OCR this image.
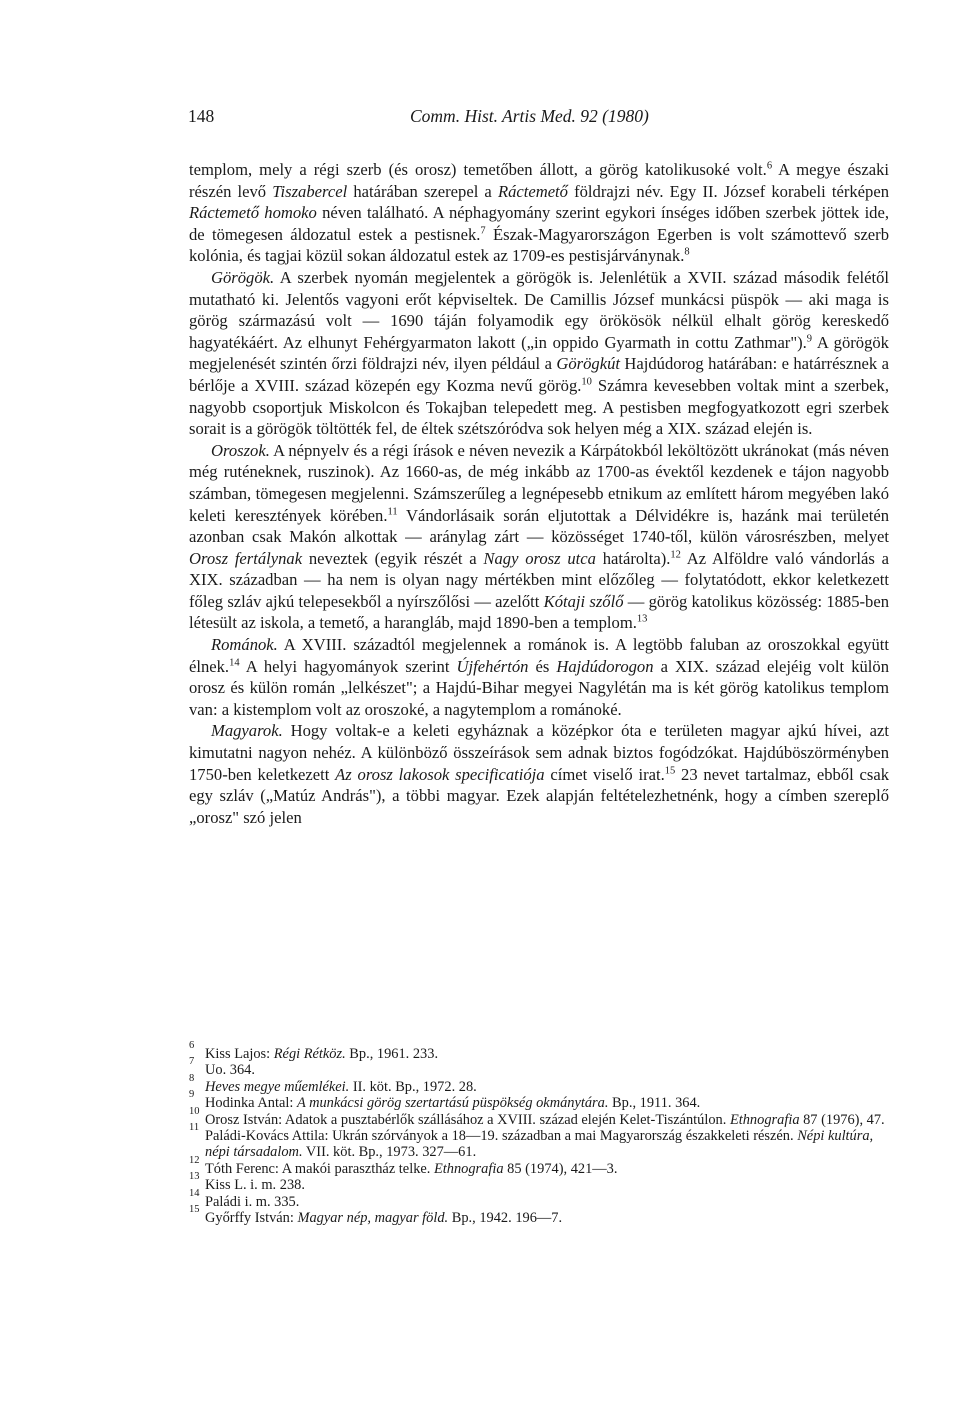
148	Comm. Hist. Artis Med. 92 (1980)

templom, mely a régi szerb (és orosz) temetőben állott, a görög katolikusoké volt.$^6$ A megye északi részén levő Tiszabercel határában szerepel a Ráctemető földrajzi név. Egy II. József korabeli térképen Ráctemető homoko néven található. A néphagyomány szerint egykori ínséges időben szerbek jöttek ide, de tömegesen áldozatul estek a pestisnek.$^7$ Észak-Magyarországon Egerben is volt számottevő szerb kolónia, és tagjai közül sokan áldozatul estek az 1709-es pestisjárványnak.$^8$

Görögök. A szerbek nyomán megjelentek a görögök is. Jelenlétük a XVII. század második felétől mutatható ki. Jelentős vagyoni erőt képviseltek. De Camillis József munkácsi püspök — aki maga is görög származású volt — 1690 táján folyamodik egy örökösök nélkül elhalt görög kereskedő hagyatékáért. Az elhunyt Fehérgyarmaton lakott („in oppido Gyarmath in cottu Zathmar").$^9$ A görögök megjelenését szintén őrzi földrajzi név, ilyen például a Görögkút Hajdúdorog határában: e határrésznek a bérlője a XVIII. század közepén egy Kozma nevű görög.$^{10}$ Számra kevesebben voltak mint a szerbek, nagyobb csoportjuk Miskolcon és Tokajban telepedett meg. A pestisben megfogyatkozott egri szerbek sorait is a görögök töltötték fel, de éltek szétszóródva sok helyen még a XIX. század elején is.

Oroszok. A népnyelv és a régi írások e néven nevezik a Kárpátokból leköltözött ukránokat (más néven még ruténeknek, ruszinok). Az 1660-as, de még inkább az 1700-as évektől kezdenek e tájon nagyobb számban, tömegesen megjelenni. Számszerűleg a legnépesebb etnikum az említett három megyében lakó keleti keresztények körében.$^{11}$ Vándorlásaik során eljutottak a Délvidékre is, hazánk mai területén azonban csak Makón alkottak — aránylag zárt — közösséget 1740-től, külön városrészben, melyet Orosz fertálynak neveztek (egyik részét a Nagy orosz utca határolta).$^{12}$ Az Alföldre való vándorlás a XIX. században — ha nem is olyan nagy mértékben mint előzőleg — folytatódott, ekkor keletkezett főleg szláv ajkú telepesekből a nyírszőlősi — azelőtt Kótaji szőlő — görög katolikus közösség: 1885-ben létesült az iskola, a temető, a harangláb, majd 1890-ben a templom.$^{13}$

Románok. A XVIII. századtól megjelennek a románok is. A legtöbb faluban az oroszokkal együtt élnek.$^{14}$ A helyi hagyományok szerint Újfehértón és Hajdúdorogon a XIX. század elejéig volt külön orosz és külön román „lelkészet"; a Hajdú-Bihar megyei Nagylétán ma is két görög katolikus templom van: a kistemplom volt az oroszoké, a nagytemplom a románoké.

Magyarok. Hogy voltak-e a keleti egyháznak a középkor óta e területen magyar ajkú hívei, azt kimutatni nagyon nehéz. A különböző összeírások sem adnak biztos fogódzókat. Hajdúböszörményben 1750-ben keletkezett Az orosz lakosok specificatiója címet viselő irat.$^{15}$ 23 nevet tartalmaz, ebből csak egy szláv („Matúz András"), a többi magyar. Ezek alapján feltételezhetnénk, hogy a címben szereplő „orosz" szó jelen

6
Kiss Lajos: Régi Rétköz. Bp., 1961. 233.

7
Uo. 364.

8
Heves megye műemlékei. II. köt. Bp., 1972. 28.

9
Hodinka Antal: A munkácsi görög szertartású püspökség okmánytára. Bp., 1911. 364.

10
Orosz István: Adatok a pusztabérlők szállásához a XVIII. század elején Kelet-Tiszántúlon. Ethnografia 87 (1976), 47.

11
Paládi-Kovács Attila: Ukrán szórványok a 18—19. században a mai Magyarország északkeleti részén. Népi kultúra, népi társadalom. VII. köt. Bp., 1973. 327—61.

12
Tóth Ferenc: A makói parasztház telke. Ethnografia 85 (1974), 421—3.

13
Kiss L. i. m. 238.

14
Paládi i. m. 335.

15
Győrffy István: Magyar nép, magyar föld. Bp., 1942. 196—7.
